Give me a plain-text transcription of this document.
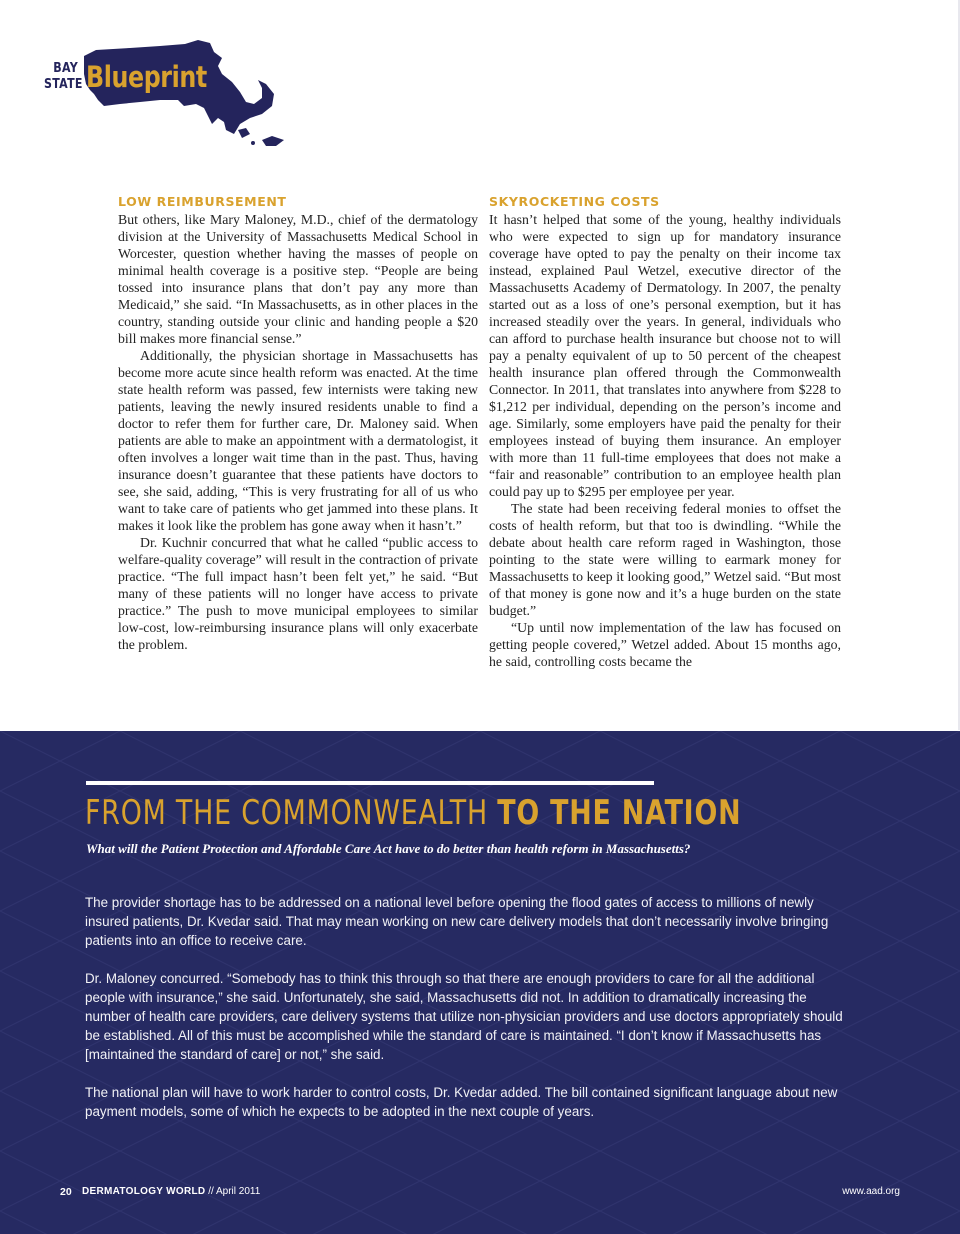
BAY
STATE Blueprint
LOW REIMBURSEMENT

But others, like Mary Maloney, M.D., chief of the dermatology division at the University of Massachusetts Medical School in Worcester, question whether having the masses of people on minimal health coverage is a positive step. “People are being tossed into insurance plans that don’t pay any more than Medicaid,” she said. “In Massachusetts, as in other places in the country, standing outside your clinic and handing people a $20 bill makes more financial sense.”

Additionally, the physician shortage in Massachusetts has become more acute since health reform was enacted. At the time state health reform was passed, few internists were taking new patients, leaving the newly insured residents unable to find a doctor to refer them for further care, Dr. Maloney said. When patients are able to make an appointment with a dermatologist, it often involves a longer wait time than in the past. Thus, having insurance doesn’t guarantee that these patients have doctors to see, she said, adding, “This is very frustrating for all of us who want to take care of patients who get jammed into these plans. It makes it look like the problem has gone away when it hasn’t.”

Dr. Kuchnir concurred that what he called “public access to welfare-quality coverage” will result in the contraction of private practice. “The full impact hasn’t been felt yet,” he said. “But many of these patients will no longer have access to private practice.” The push to move municipal employees to similar low-cost, low-reimbursing insurance plans will only exacerbate the problem.

SKYROCKETING COSTS

It hasn’t helped that some of the young, healthy individuals who were expected to sign up for mandatory insurance coverage have opted to pay the penalty on their income tax instead, explained Paul Wetzel, executive director of the Massachusetts Academy of Dermatology. In 2007, the penalty started out as a loss of one’s personal exemption, but it has increased steadily over the years. In general, individuals who can afford to purchase health insurance but choose not to will pay a penalty equivalent of up to 50 percent of the cheapest health insurance plan offered through the Commonwealth Connector. In 2011, that translates into anywhere from $228 to $1,212 per individual, depending on the person’s income and age. Similarly, some employers have paid the penalty for their employees instead of buying them insurance. An employer with more than 11 full-time employees that does not make a “fair and reasonable” contribution to an employee health plan could pay up to $295 per employee per year.

The state had been receiving federal monies to offset the costs of health reform, but that too is dwindling. “While the debate about health care reform raged in Washington, those pointing to the state were willing to earmark money for Massachusetts to keep it looking good,” Wetzel said. “But most of that money is gone now and it’s a huge burden on the state budget.”

“Up until now implementation of the law has focused on getting people covered,” Wetzel added. About 15 months ago, he said, controlling costs became the

FROM THE COMMONWEALTH TO THE NATION
What will the Patient Protection and Affordable Care Act have to do better than health reform in Massachusetts?

The provider shortage has to be addressed on a national level before opening the flood gates of access to millions of newly insured patients, Dr. Kvedar said. That may mean working on new care delivery models that don’t necessarily involve bringing patients into an office to receive care.

Dr. Maloney concurred. “Somebody has to think this through so that there are enough providers to care for all the additional people with insurance,” she said. Unfortunately, she said, Massachusetts did not. In addition to dramatically increasing the number of health care providers, care delivery systems that utilize non-physician providers and use doctors appropriately should be established. All of this must be accomplished while the standard of care is maintained. “I don’t know if Massachusetts has [maintained the standard of care] or not,” she said.

The national plan will have to work harder to control costs, Dr. Kvedar added. The bill contained significant language about new payment models, some of which he expects to be adopted in the next couple of years.

20 DERMATOLOGY WORLD // April 2011	www.aad.org
